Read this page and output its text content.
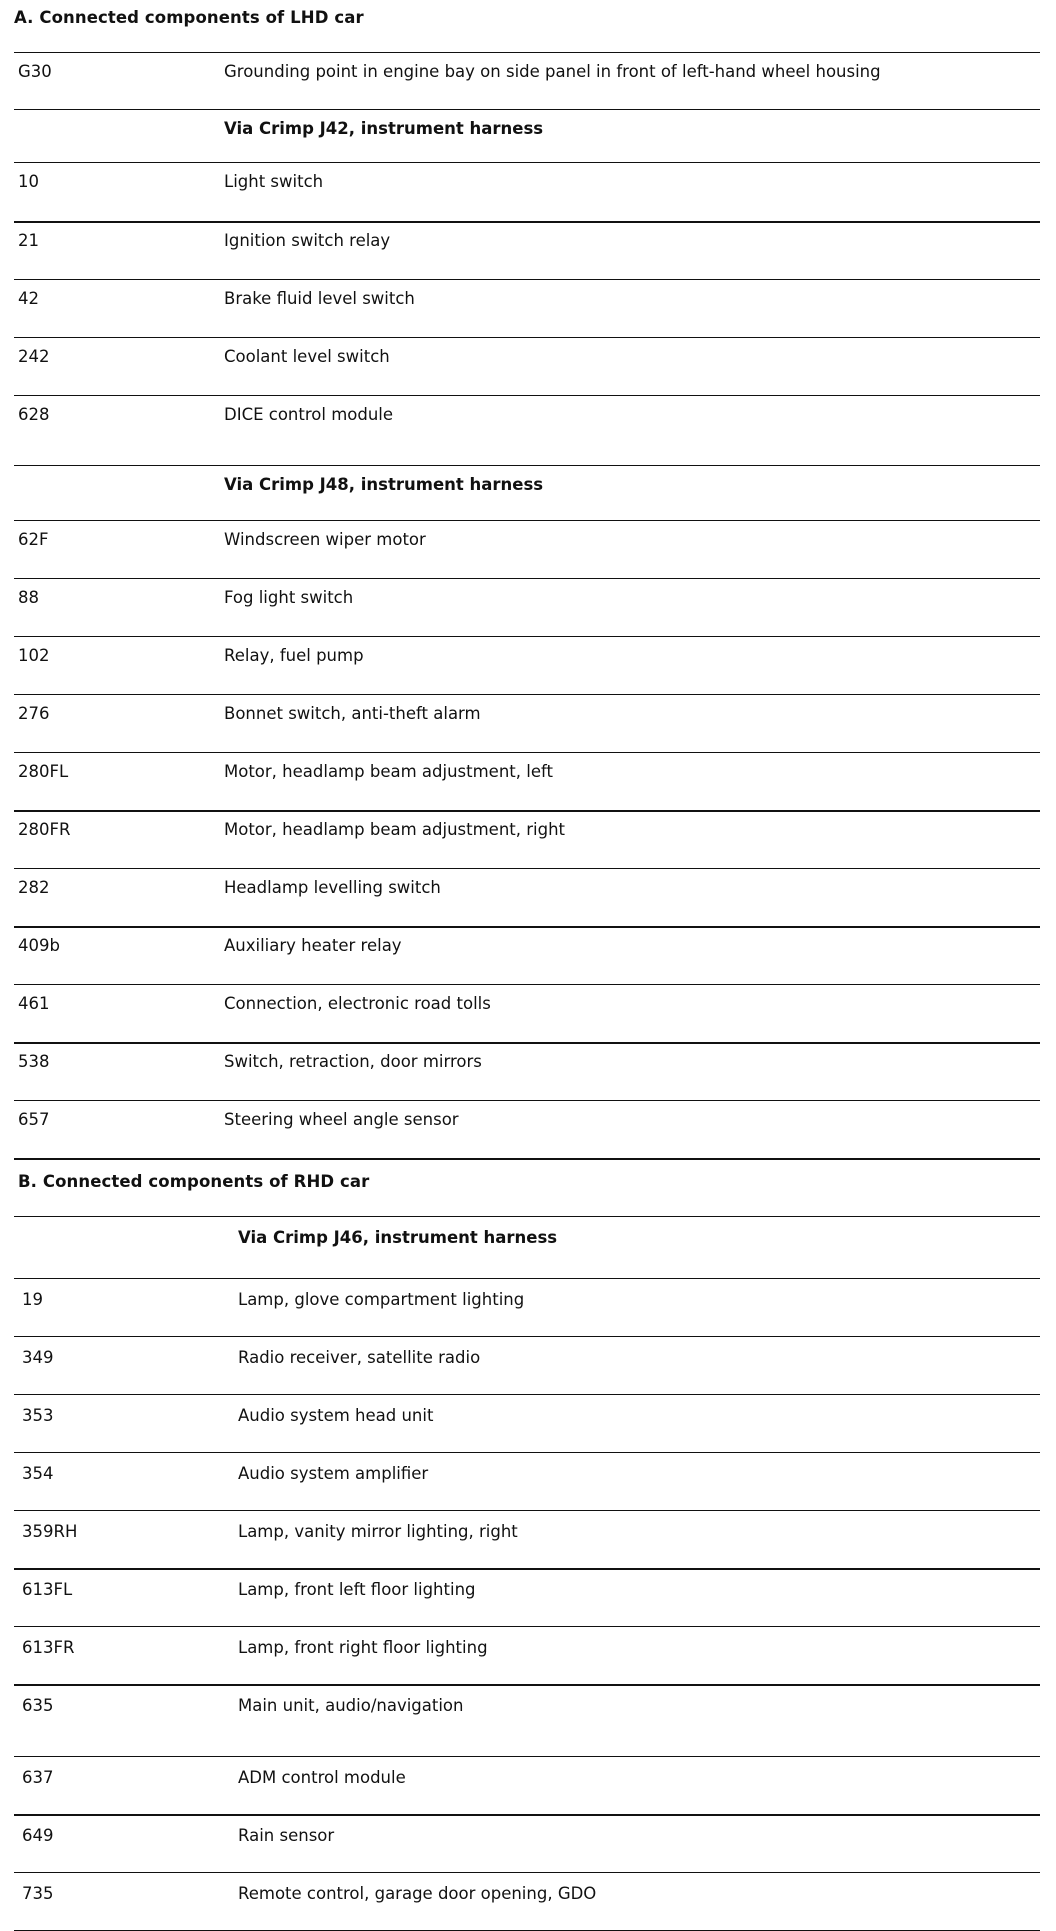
A. Connected components of LHD car
G30	Grounding point in engine bay on side panel in front of left-hand wheel housing
Via Crimp J42, instrument harness
10	Light switch
21	Ignition switch relay
42	Brake fluid level switch
242	Coolant level switch
628	DICE control module
Via Crimp J48, instrument harness
62F	Windscreen wiper motor
88	Fog light switch
102	Relay, fuel pump
276	Bonnet switch, anti-theft alarm
280FL	Motor, headlamp beam adjustment, left
280FR	Motor, headlamp beam adjustment, right
282	Headlamp levelling switch
409b	Auxiliary heater relay
461	Connection, electronic road tolls
538	Switch, retraction, door mirrors
657	Steering wheel angle sensor
B. Connected components of RHD car
Via Crimp J46, instrument harness
19	Lamp, glove compartment lighting
349	Radio receiver, satellite radio
353	Audio system head unit
354	Audio system amplifier
359RH	Lamp, vanity mirror lighting, right
613FL	Lamp, front left floor lighting
613FR	Lamp, front right floor lighting
635	Main unit, audio/navigation
637	ADM control module
649	Rain sensor
735	Remote control, garage door opening, GDO
